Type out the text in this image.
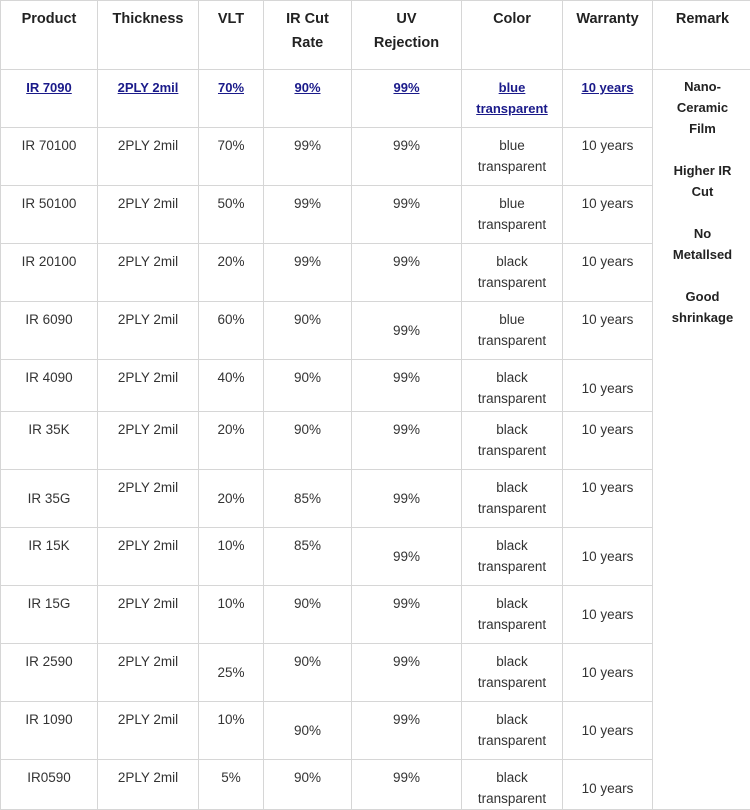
Product	Thickness	VLT	IR Cut Rate	UV Rejection	Color	Warranty	Remark
IR 7090	2PLY 2mil	70%	90%	99%	blue transparent	10 years	Nano-Ceramic Film
Higher IR Cut
No Metallsed
Good shrinkage

IR 70100	2PLY 2mil	70%	99%	99%	blue transparent	10 years	
IR 50100	2PLY 2mil	50%	99%	99%	blue transparent	10 years	
IR 20100	2PLY 2mil	20%	99%	99%	black transparent	10 years	
IR 6090	2PLY 2mil	60%	90%	99%	blue transparent	10 years	
IR 4090	2PLY 2mil	40%	90%	99%	black transparent	10 years	
IR 35K	2PLY 2mil	20%	90%	99%	black transparent	10 years	
IR 35G	2PLY 2mil	20%	85%	99%	black transparent	10 years	
IR 15K	2PLY 2mil	10%	85%	99%	black transparent	10 years	
IR 15G	2PLY 2mil	10%	90%	99%	black transparent	10 years	
IR 2590	2PLY 2mil	25%	90%	99%	black transparent	10 years	
IR 1090	2PLY 2mil	10%	90%	99%	black transparent	10 years	
IR0590	2PLY 2mil	5%	90%	99%	black transparent	10 years	
